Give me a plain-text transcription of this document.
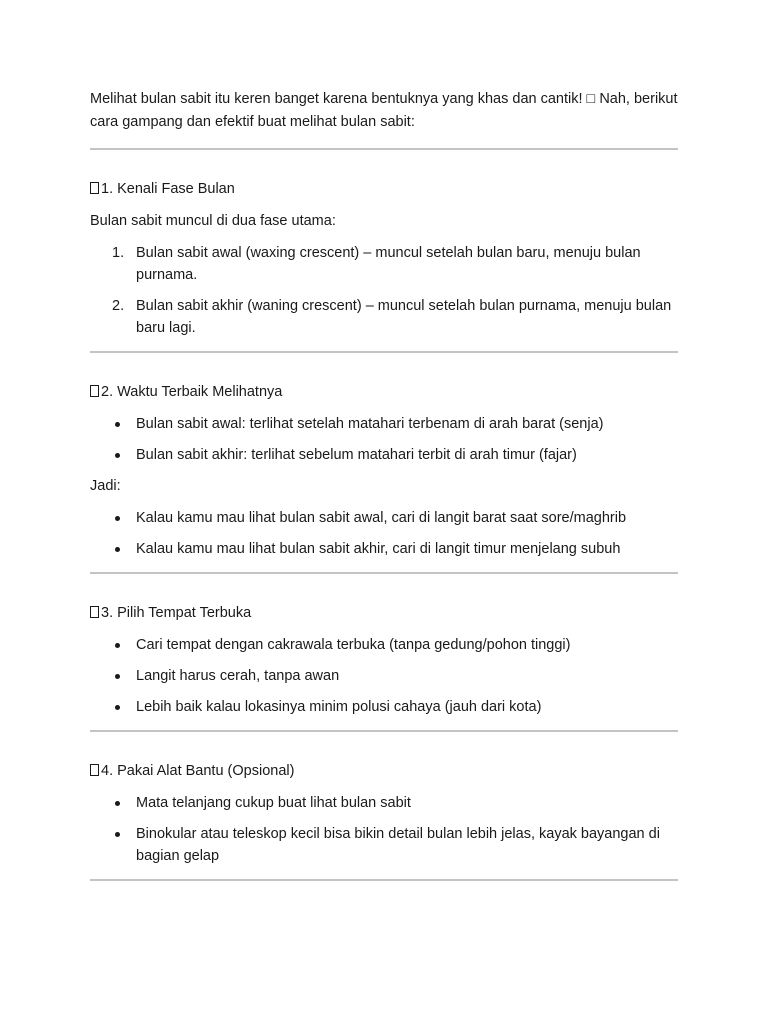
Melihat bulan sabit itu keren banget karena bentuknya yang khas dan cantik! □ Nah, berikut
cara gampang dan efektif buat melihat bulan sabit:
1. Kenali Fase Bulan

Bulan sabit muncul di dua fase utama:

1. Bulan sabit awal (waxing crescent) – muncul setelah bulan baru, menuju bulan
purnama.
2. Bulan sabit akhir (waning crescent) – muncul setelah bulan purnama, menuju bulan
baru lagi.
2. Waktu Terbaik Melihatnya
Bulan sabit awal: terlihat setelah matahari terbenam di arah barat (senja)
Bulan sabit akhir: terlihat sebelum matahari terbit di arah timur (fajar)

Jadi:

Kalau kamu mau lihat bulan sabit awal, cari di langit barat saat sore/maghrib
Kalau kamu mau lihat bulan sabit akhir, cari di langit timur menjelang subuh
3. Pilih Tempat Terbuka
Cari tempat dengan cakrawala terbuka (tanpa gedung/pohon tinggi)
Langit harus cerah, tanpa awan
Lebih baik kalau lokasinya minim polusi cahaya (jauh dari kota)
4. Pakai Alat Bantu (Opsional)
Mata telanjang cukup buat lihat bulan sabit
Binokular atau teleskop kecil bisa bikin detail bulan lebih jelas, kayak bayangan di
bagian gelap
